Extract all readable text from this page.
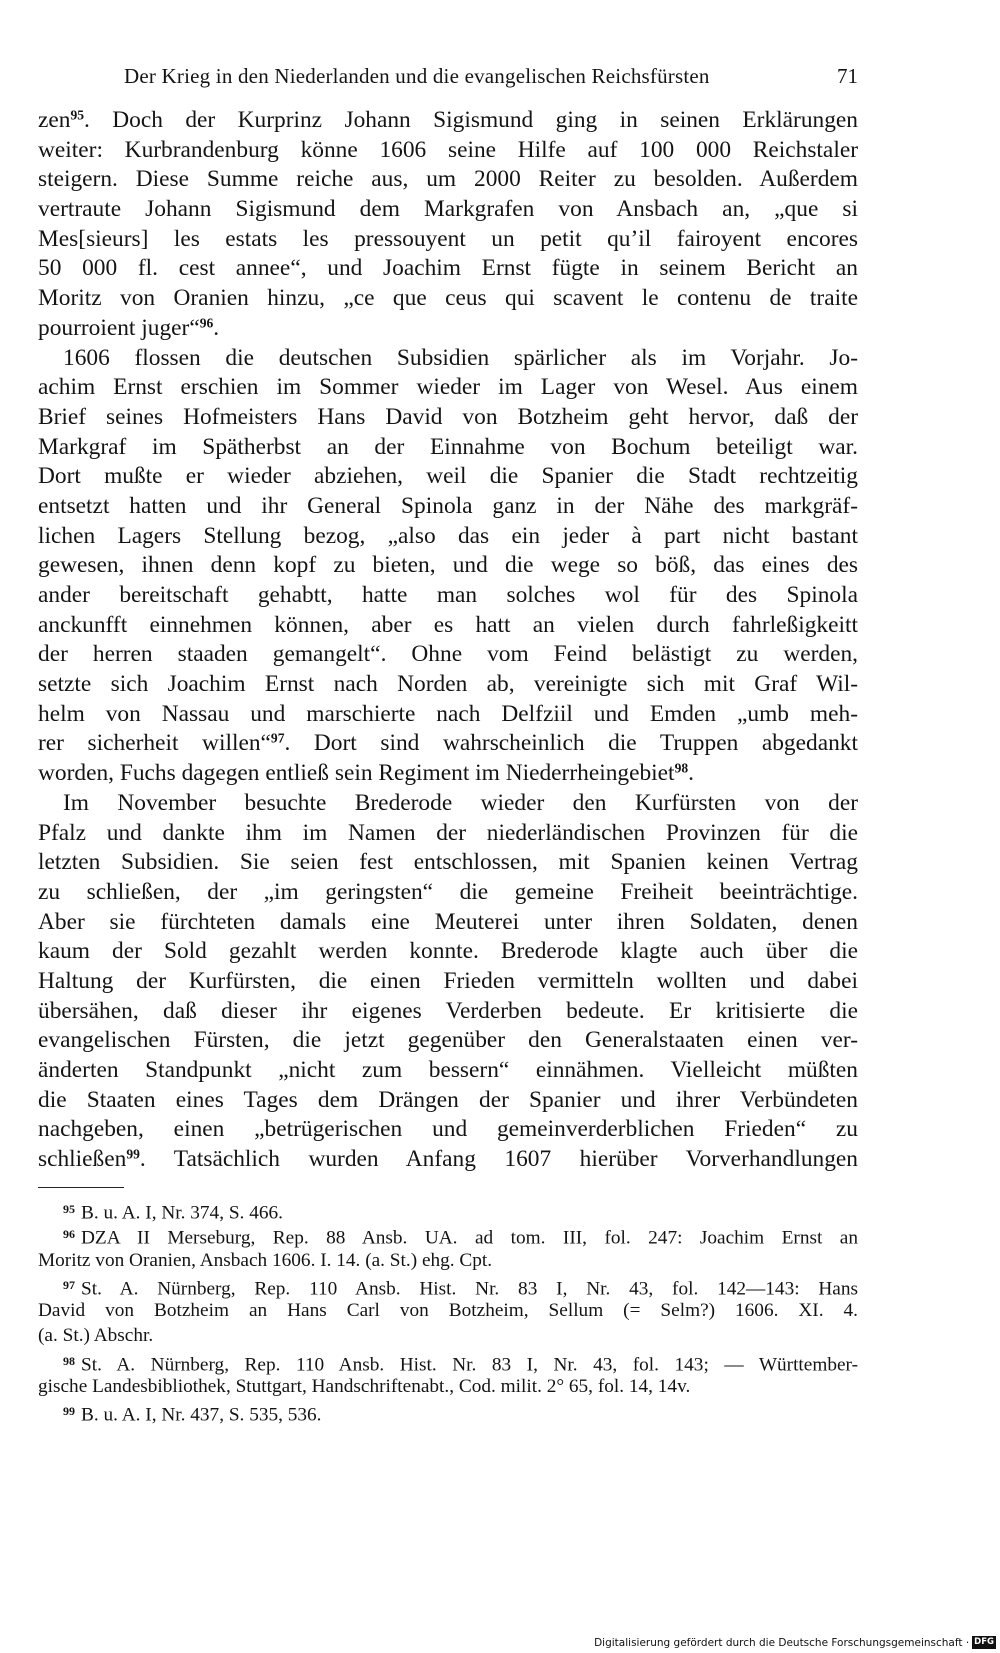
Der Krieg in den Niederlanden und die evangelischen Reichsfürsten	71
zen$^{95}$. Doch der Kurprinz Johann Sigismund ging in seinen Erklärungen
weiter: Kurbrandenburg könne 1606 seine Hilfe auf 100 000 Reichstaler
steigern. Diese Summe reiche aus, um 2000 Reiter zu besolden. Außerdem
vertraute Johann Sigismund dem Markgrafen von Ansbach an, „que si
Mes[sieurs] les estats les pressouyent un petit qu’il fairoyent encores
50 000 fl. cest annee“, und Joachim Ernst fügte in seinem Bericht an
Moritz von Oranien hinzu, „ce que ceus qui scavent le contenu de traite
pourroient juger“$^{96}$.
1606 flossen die deutschen Subsidien spärlicher als im Vorjahr. Jo-
achim Ernst erschien im Sommer wieder im Lager von Wesel. Aus einem
Brief seines Hofmeisters Hans David von Botzheim geht hervor, daß der
Markgraf im Spätherbst an der Einnahme von Bochum beteiligt war.
Dort mußte er wieder abziehen, weil die Spanier die Stadt rechtzeitig
entsetzt hatten und ihr General Spinola ganz in der Nähe des markgräf-
lichen Lagers Stellung bezog, „also das ein jeder à part nicht bastant
gewesen, ihnen denn kopf zu bieten, und die wege so böß, das eines des
ander bereitschaft gehabtt, hatte man solches wol für des Spinola
anckunfft einnehmen können, aber es hatt an vielen durch fahrleßigkeitt
der herren staaden gemangelt“. Ohne vom Feind belästigt zu werden,
setzte sich Joachim Ernst nach Norden ab, vereinigte sich mit Graf Wil-
helm von Nassau und marschierte nach Delfziil und Emden „umb meh-
rer sicherheit willen“$^{97}$. Dort sind wahrscheinlich die Truppen abgedankt
worden, Fuchs dagegen entließ sein Regiment im Niederrheingebiet$^{98}$.
Im November besuchte Brederode wieder den Kurfürsten von der
Pfalz und dankte ihm im Namen der niederländischen Provinzen für die
letzten Subsidien. Sie seien fest entschlossen, mit Spanien keinen Vertrag
zu schließen, der „im geringsten“ die gemeine Freiheit beeinträchtige.
Aber sie fürchteten damals eine Meuterei unter ihren Soldaten, denen
kaum der Sold gezahlt werden konnte. Brederode klagte auch über die
Haltung der Kurfürsten, die einen Frieden vermitteln wollten und dabei
übersähen, daß dieser ihr eigenes Verderben bedeute. Er kritisierte die
evangelischen Fürsten, die jetzt gegenüber den Generalstaaten einen ver-
änderten Standpunkt „nicht zum bessern“ einnähmen. Vielleicht müßten
die Staaten eines Tages dem Drängen der Spanier und ihrer Verbündeten
nachgeben, einen „betrügerischen und gemeinverderblichen Frieden“ zu
schließen$^{99}$. Tatsächlich wurden Anfang 1607 hierüber Vorverhandlungen
$^{95}$ B. u. A. I, Nr. 374, S. 466.
$^{96}$ DZA II Merseburg, Rep. 88 Ansb. UA. ad tom. III, fol. 247: Joachim Ernst an
Moritz von Oranien, Ansbach 1606. I. 14. (a. St.) ehg. Cpt.
$^{97}$ St. A. Nürnberg, Rep. 110 Ansb. Hist. Nr. 83 I, Nr. 43, fol. 142—143: Hans
David von Botzheim an Hans Carl von Botzheim, Sellum (= Selm?) 1606. XI. 4.
(a. St.) Abschr.
$^{98}$ St. A. Nürnberg, Rep. 110 Ansb. Hist. Nr. 83 I, Nr. 43, fol. 143; — Württember-
gische Landesbibliothek, Stuttgart, Handschriftenabt., Cod. milit. 2° 65, fol. 14, 14v.
$^{99}$ B. u. A. I, Nr. 437, S. 535, 536.
Digitalisierung gefördert durch die Deutsche Forschungsgemeinschaft · DFG
